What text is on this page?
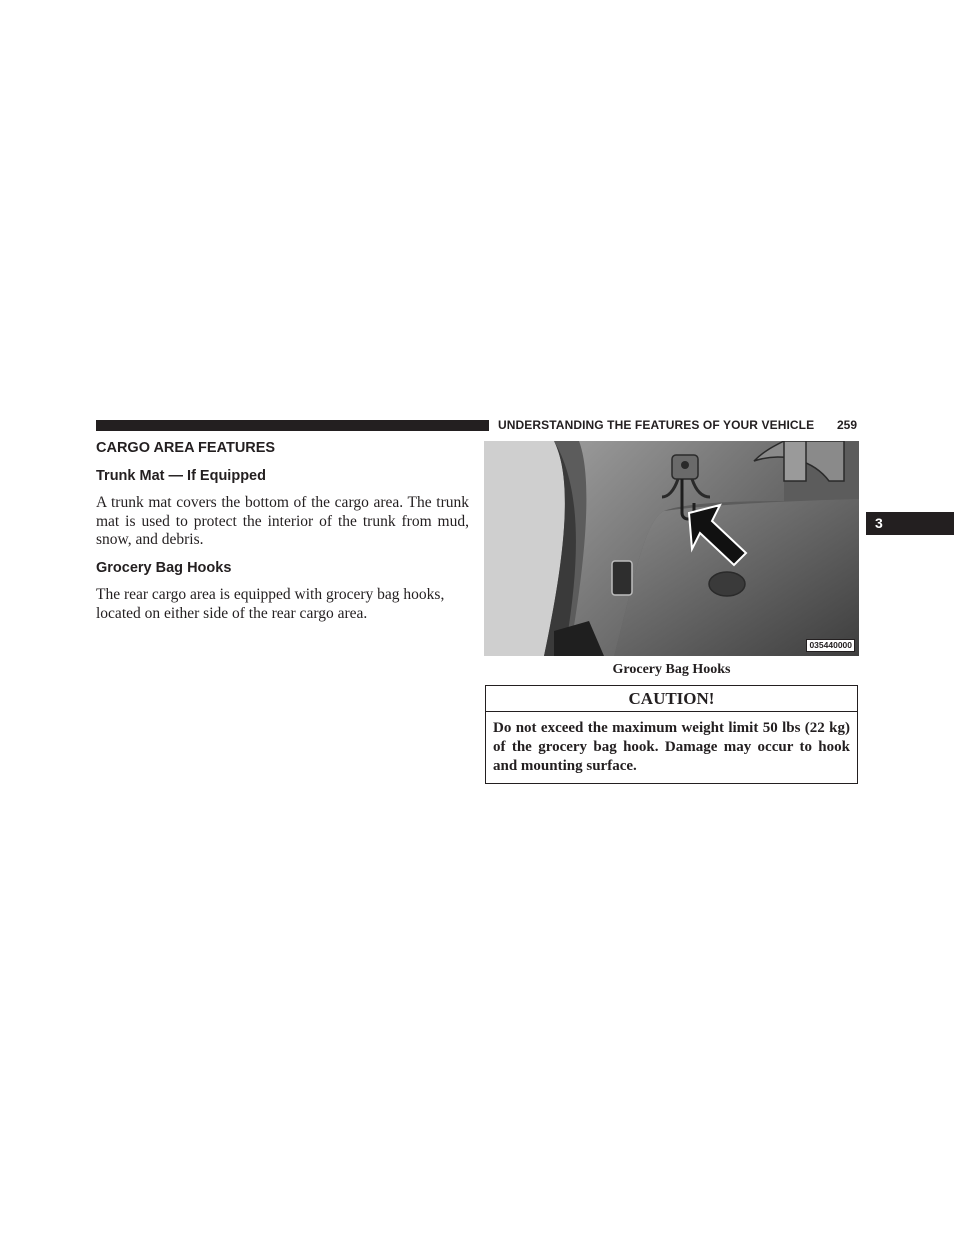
UNDERSTANDING THE FEATURES OF YOUR VEHICLE 259
3
CARGO AREA FEATURES
Trunk Mat — If Equipped

A trunk mat covers the bottom of the cargo area. The trunk mat is used to protect the interior of the trunk from mud, snow, and debris.

Grocery Bag Hooks

The rear cargo area is equipped with grocery bag hooks, located on either side of the rear cargo area.

035440000
Grocery Bag Hooks
CAUTION!
Do not exceed the maximum weight limit 50 lbs (22 kg) of the grocery bag hook. Damage may occur to hook and mounting surface.
